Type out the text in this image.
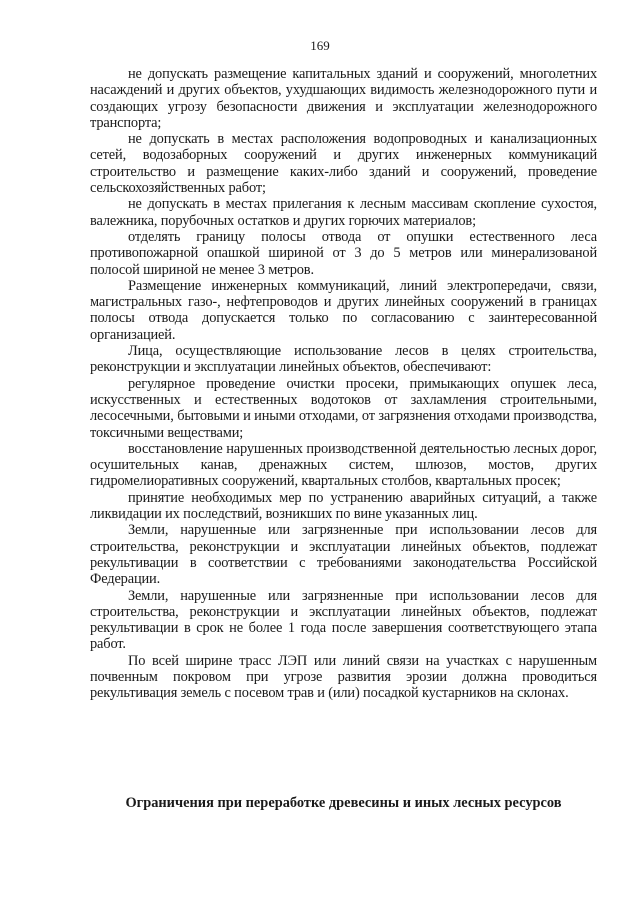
169

не допускать размещение капитальных зданий и сооружений, многолетних насаждений и других объектов, ухудшающих видимость железнодорожного пути и создающих угрозу безопасности движения и эксплуатации железнодорожного транспорта;

не допускать в местах расположения водопроводных и канализационных сетей, водозаборных сооружений и других инженерных коммуникаций строительство и размещение каких-либо зданий и сооружений, проведение сельскохозяйственных работ;

не допускать в местах прилегания к лесным массивам скопление сухостоя, валежника, порубочных остатков и других горючих материалов;

отделять границу полосы отвода от опушки естественного леса противопожарной опашкой шириной от 3 до 5 метров или минерализованой полосой шириной не менее 3 метров.

Размещение инженерных коммуникаций, линий электропередачи, связи, магистральных газо-, нефтепроводов и других линейных сооружений в границах полосы отвода допускается только по согласованию с заинтересованной организацией.

Лица, осуществляющие использование лесов в целях строительства, реконструкции и эксплуатации линейных объектов, обеспечивают:

регулярное проведение очистки просеки, примыкающих опушек леса, искусственных и естественных водотоков от захламления строительными, лесосечными, бытовыми и иными отходами, от загрязнения отходами производства, токсичными веществами;

восстановление нарушенных производственной деятельностью лесных дорог, осушительных канав, дренажных систем, шлюзов, мостов, других гидромелиоративных сооружений, квартальных столбов, квартальных просек;

принятие необходимых мер по устранению аварийных ситуаций, а также ликвидации их последствий, возникших по вине указанных лиц.

Земли, нарушенные или загрязненные при использовании лесов для строительства, реконструкции и эксплуатации линейных объектов, подлежат рекультивации в соответствии с требованиями законодательства Российской Федерации.

Земли, нарушенные или загрязненные при использовании лесов для строительства, реконструкции и эксплуатации линейных объектов, подлежат рекультивации в срок не более 1 года после завершения соответствующего этапа работ.

По всей ширине трасс ЛЭП или линий связи на участках с нарушенным почвенным покровом при угрозе развития эрозии должна проводиться рекультивация земель с посевом трав и (или) посадкой кустарников на склонах.

Ограничения при переработке древесины и иных лесных ресурсов
